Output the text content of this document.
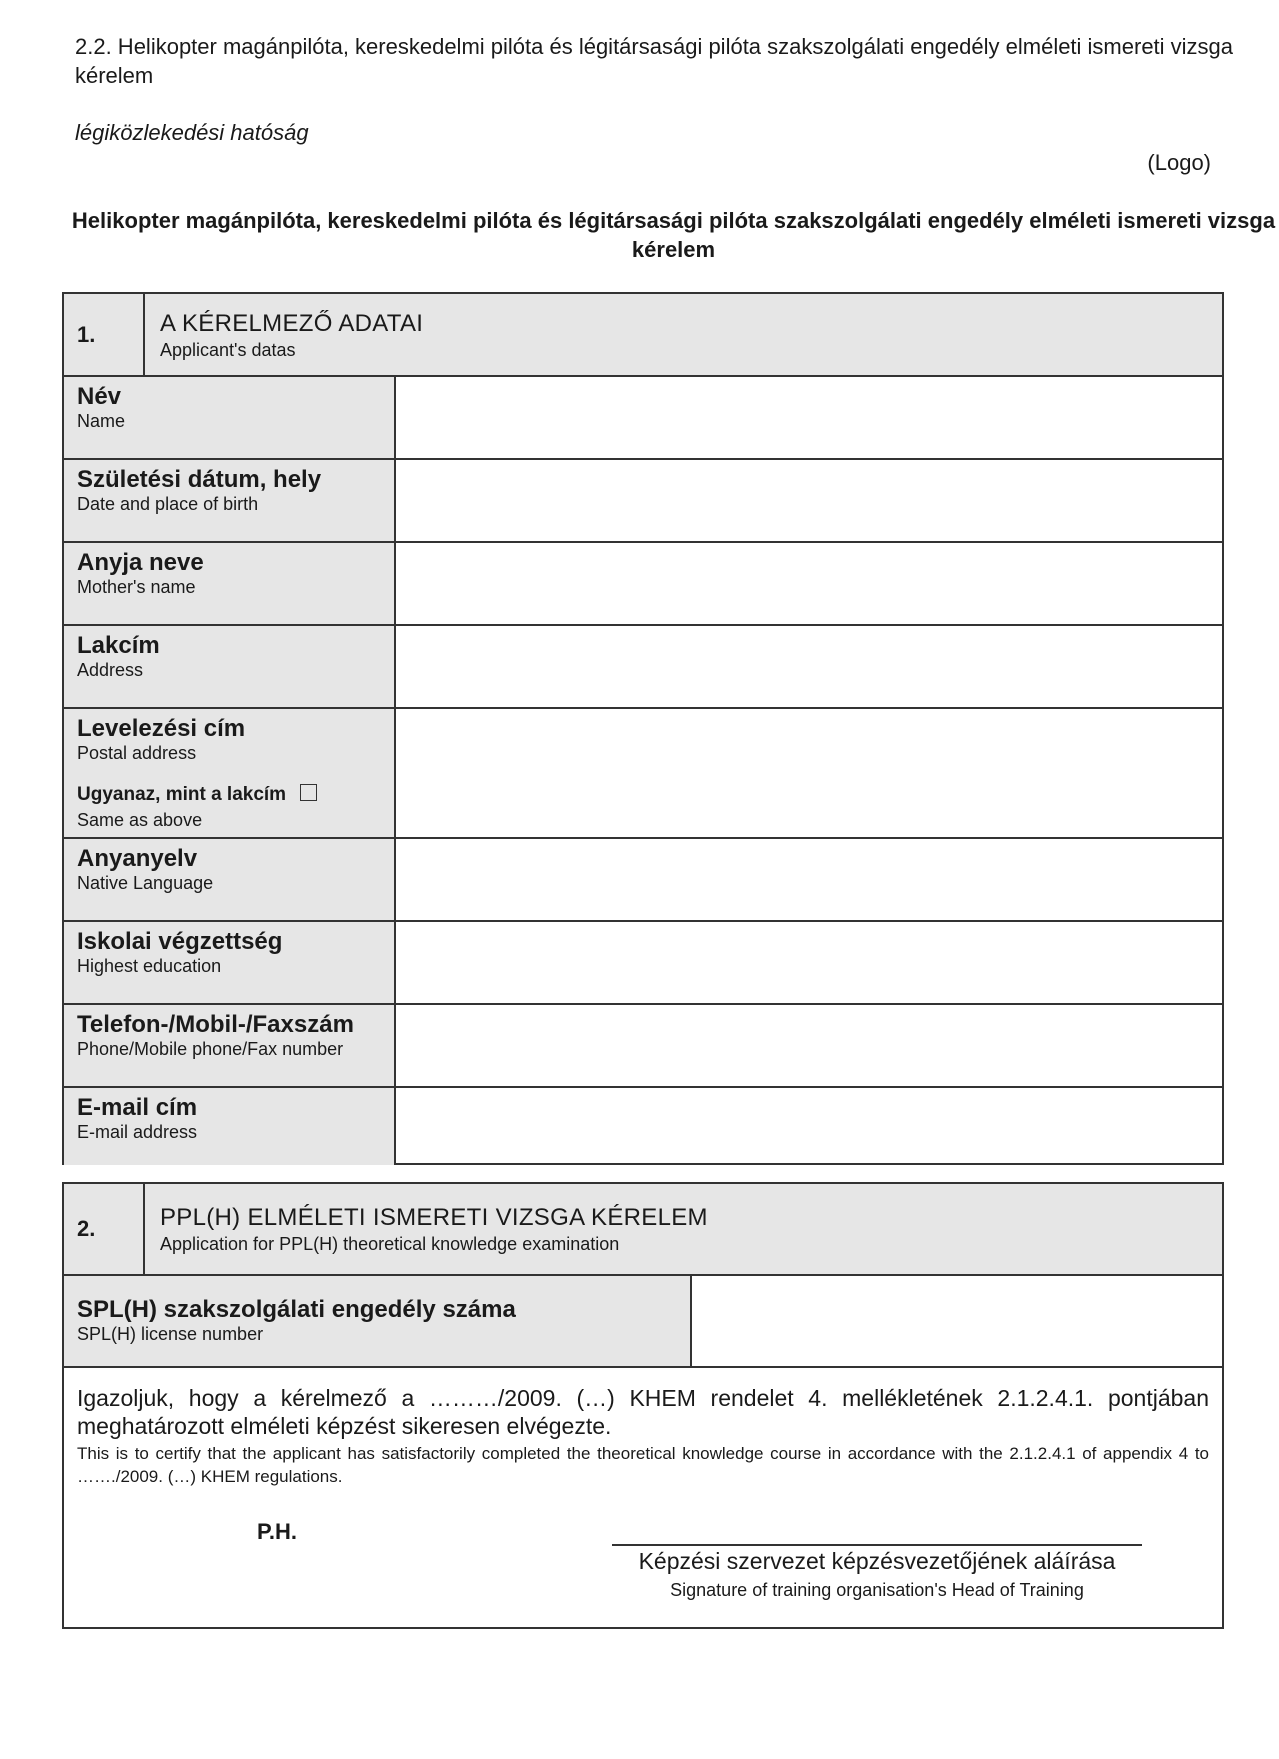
2.2. Helikopter magánpilóta, kereskedelmi pilóta és légitársasági pilóta szakszolgálati engedély elméleti ismereti vizsga kérelem
légiközlekedési hatóság
(Logo)
Helikopter magánpilóta, kereskedelmi pilóta és légitársasági pilóta szakszolgálati engedély elméleti ismereti vizsga kérelem
1.	A KÉRELMEZŐ ADATAI
Applicant's datas
Név
Name
Születési dátum, hely
Date and place of birth
Anyja neve
Mother's name
Lakcím
Address
Levelezési cím
Postal address
Ugyanaz, mint a lakcím
Same as above
Anyanyelv
Native Language
Iskolai végzettség
Highest education
Telefon-/Mobil-/Faxszám
Phone/Mobile phone/Fax number
E-mail cím
E-mail address
2.	PPL(H) ELMÉLETI ISMERETI VIZSGA KÉRELEM
Application for PPL(H) theoretical knowledge examination
SPL(H) szakszolgálati engedély száma
SPL(H) license number
Igazoljuk, hogy a kérelmező a ………/2009. (…) KHEM rendelet 4. mellékletének 2.1.2.4.1. pontjában meghatározott elméleti képzést sikeresen elvégezte.
This is to certify that the applicant has satisfactorily completed the theoretical knowledge course in accordance with the 2.1.2.4.1 of appendix 4 to ……./2009. (…) KHEM regulations.
P.H.
Képzési szervezet képzésvezetőjének aláírása
Signature of training organisation's Head of Training
